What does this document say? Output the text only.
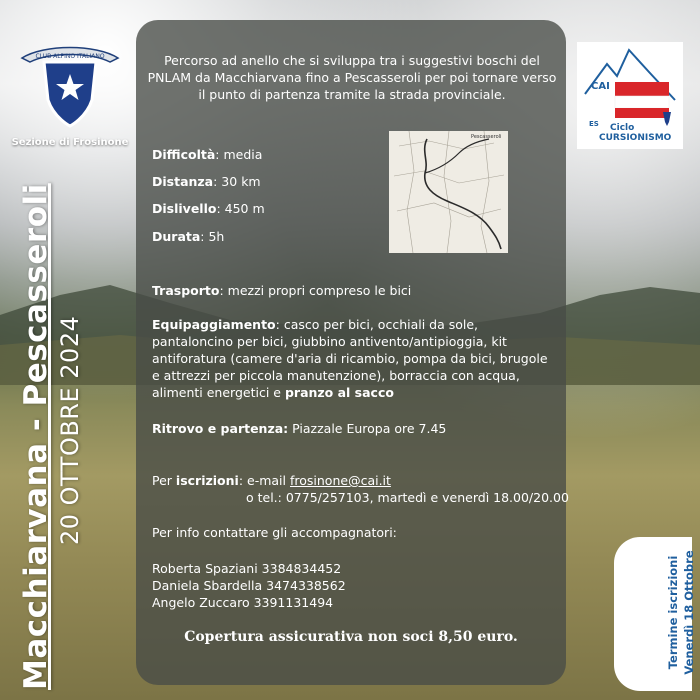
CLUB ALPINO ITALIANO
Sezione di Frosinone
Macchiarvana - Pescasseroli 20 OTTOBRE 2024
Percorso ad anello che si sviluppa tra i suggestivi boschi del PNLAM da Macchiarvana fino a Pescasseroli per poi tornare verso il punto di partenza tramite la strada provinciale.
Difficoltà: media
Distanza: 30 km
Dislivello: 450 m
Durata: 5h
Pescasseroli
Trasporto: mezzi propri compreso le bici
Equipaggiamento: casco per bici, occhiali da sole,
pantaloncino per bici, giubbino antivento/antipioggia, kit
antiforatura (camere d'aria di ricambio, pompa da bici, brugole
e attrezzi per piccola manutenzione), borraccia con acqua,
alimenti energetici e pranzo al sacco
Ritrovo e partenza: Piazzale Europa ore 7.45
Per iscrizioni: e-mail frosinone@cai.it
o tel.: 0775/257103, martedì e venerdì 18.00/20.00
Per info contattare gli accompagnatori:
Roberta Spaziani 3384834452
Daniela Sbardella 3474338562
Angelo Zuccaro 3391131494
Copertura assicurativa non soci 8,50 euro.
CAI
Ciclo
ES
CURSIONISMO
Termine iscrizioni Venerdì 18 Ottobre
